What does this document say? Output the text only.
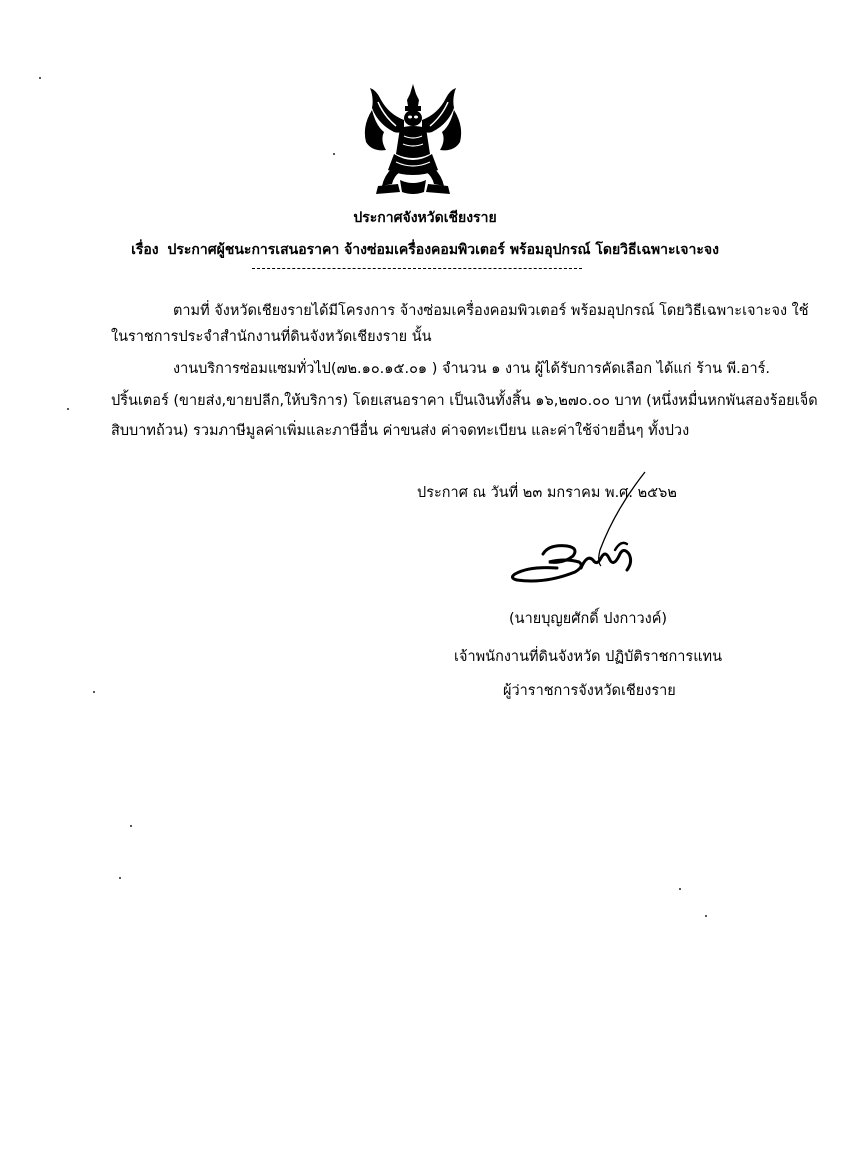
ประกาศจังหวัดเชียงราย
เรื่อง ประกาศผู้ชนะการเสนอราคา จ้างซ่อมเครื่องคอมพิวเตอร์ พร้อมอุปกรณ์ โดยวิธีเฉพาะเจาะจง
ตามที่ จังหวัดเชียงรายได้มีโครงการ จ้างซ่อมเครื่องคอมพิวเตอร์ พร้อมอุปกรณ์ โดยวิธีเฉพาะเจาะจง ใช้
ในราชการประจำสำนักงานที่ดินจังหวัดเชียงราย นั้น
งานบริการซ่อมแซมทั่วไป(๗๒.๑๐.๑๕.๐๑ ) จำนวน ๑ งาน ผู้ได้รับการคัดเลือก ได้แก่ ร้าน พี.อาร์.
ปริ้นเตอร์ (ขายส่ง,ขายปลีก,ให้บริการ) โดยเสนอราคา เป็นเงินทั้งสิ้น ๑๖,๒๗๐.๐๐ บาท (หนึ่งหมื่นหกพันสองร้อยเจ็ด
สิบบาทถ้วน) รวมภาษีมูลค่าเพิ่มและภาษีอื่น ค่าขนส่ง ค่าจดทะเบียน และค่าใช้จ่ายอื่นๆ ทั้งปวง
ประกาศ ณ วันที่ ๒๓ มกราคม พ.ศ. ๒๕๖๒
(นายบุญยศักดิ์ ปงกาวงค์)
เจ้าพนักงานที่ดินจังหวัด ปฏิบัติราชการแทน
ผู้ว่าราชการจังหวัดเชียงราย
